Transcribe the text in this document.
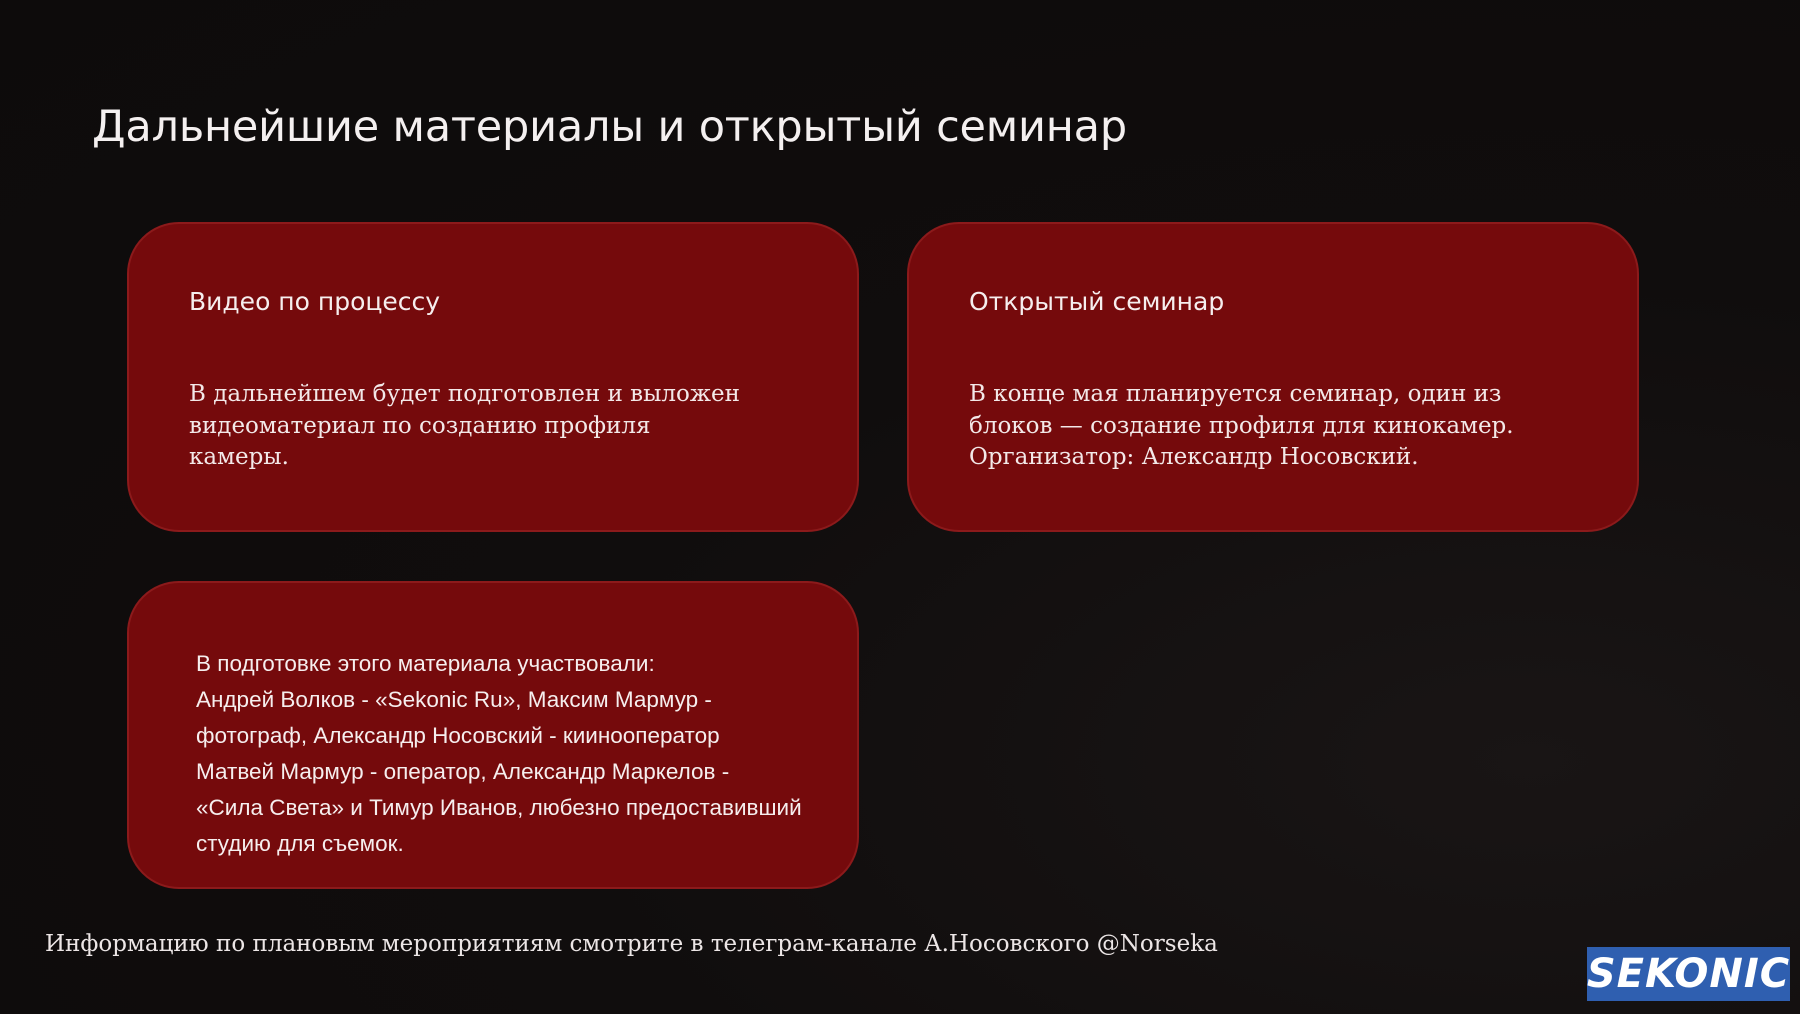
Дальнейшие материалы и открытый семинар
Видео по процессу

В дальнейшем будет подготовлен и выложен
видеоматериал по созданию профиля
камеры.

Открытый семинар

В конце мая планируется семинар, один из
блоков — создание профиля для кинокамер.
Организатор: Александр Носовский.

В подготовке этого материала участвовали:
Андрей Волков - «Sekonic Ru», Максим Мармур -
фотограф, Александр Носовский - киинооператор
Матвей Мармур - оператор, Александр Маркелов -
«Сила Света» и Тимур Иванов, любезно предоставивший
студию для съемок.

Информацию по плановым мероприятиям смотрите в телеграм-канале А.Носовского @Norseka

SEKONIC
